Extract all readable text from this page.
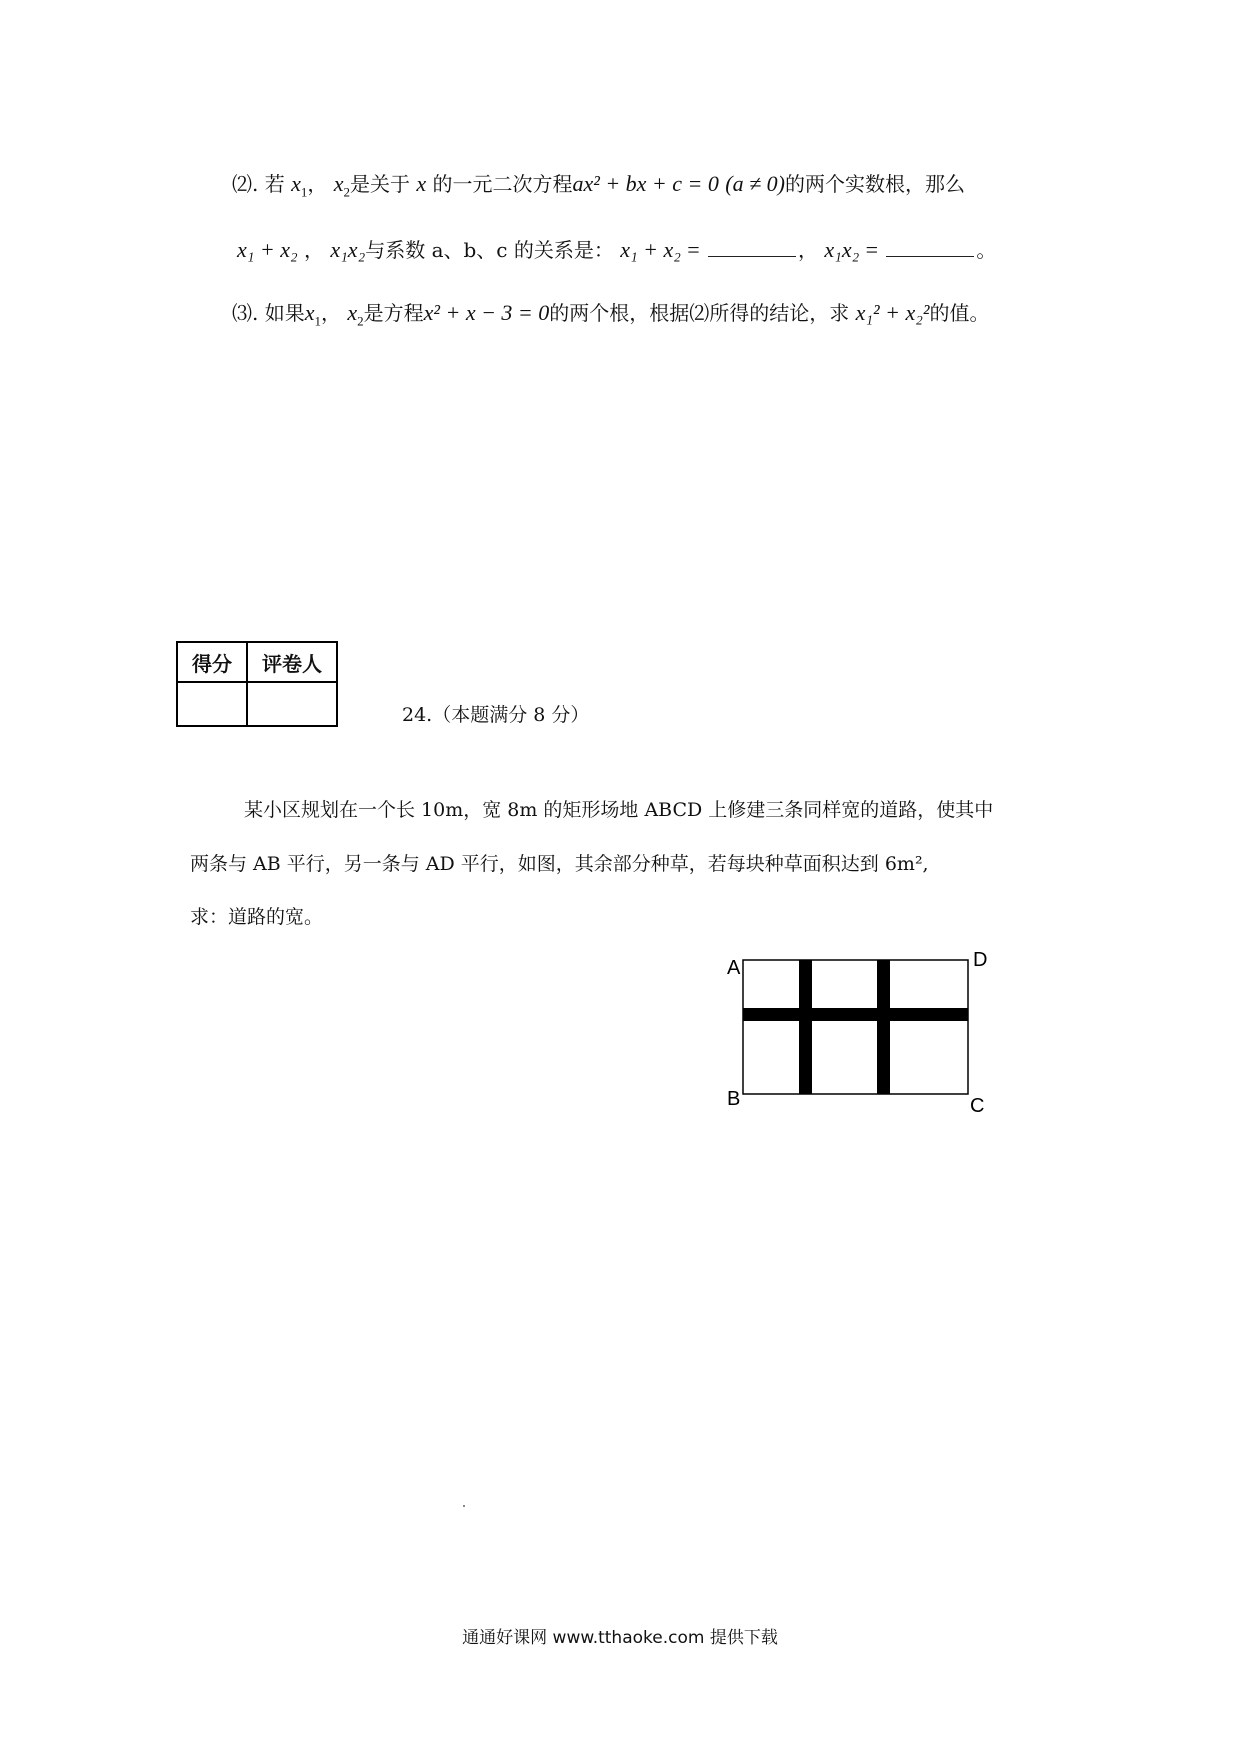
⑵. 若 $x_1$， $x_2$是关于 x 的一元二次方程ax² + bx + c = 0 (a ≠ 0)的两个实数根，那么
x₁ + x₂ ， x₁x₂与系数 a、b、c 的关系是： x₁ + x₂ =	， x₁x₂ =	。
⑶. 如果$x_1$， $x_2$是方程x² + x − 3 = 0的两个根，根据⑵所得的结论，求 x₁² + x₂²的值。
得分	评卷人

24.（本题满分 8 分）
某小区规划在一个长 10m，宽 8m 的矩形场地 ABCD 上修建三条同样宽的道路，使其中
两条与 AB 平行，另一条与 AD 平行，如图，其余部分种草，若每块种草面积达到 6m²,
求：道路的宽。
A	D
B	C
通通好课网 www.tthaoke.com 提供下载
